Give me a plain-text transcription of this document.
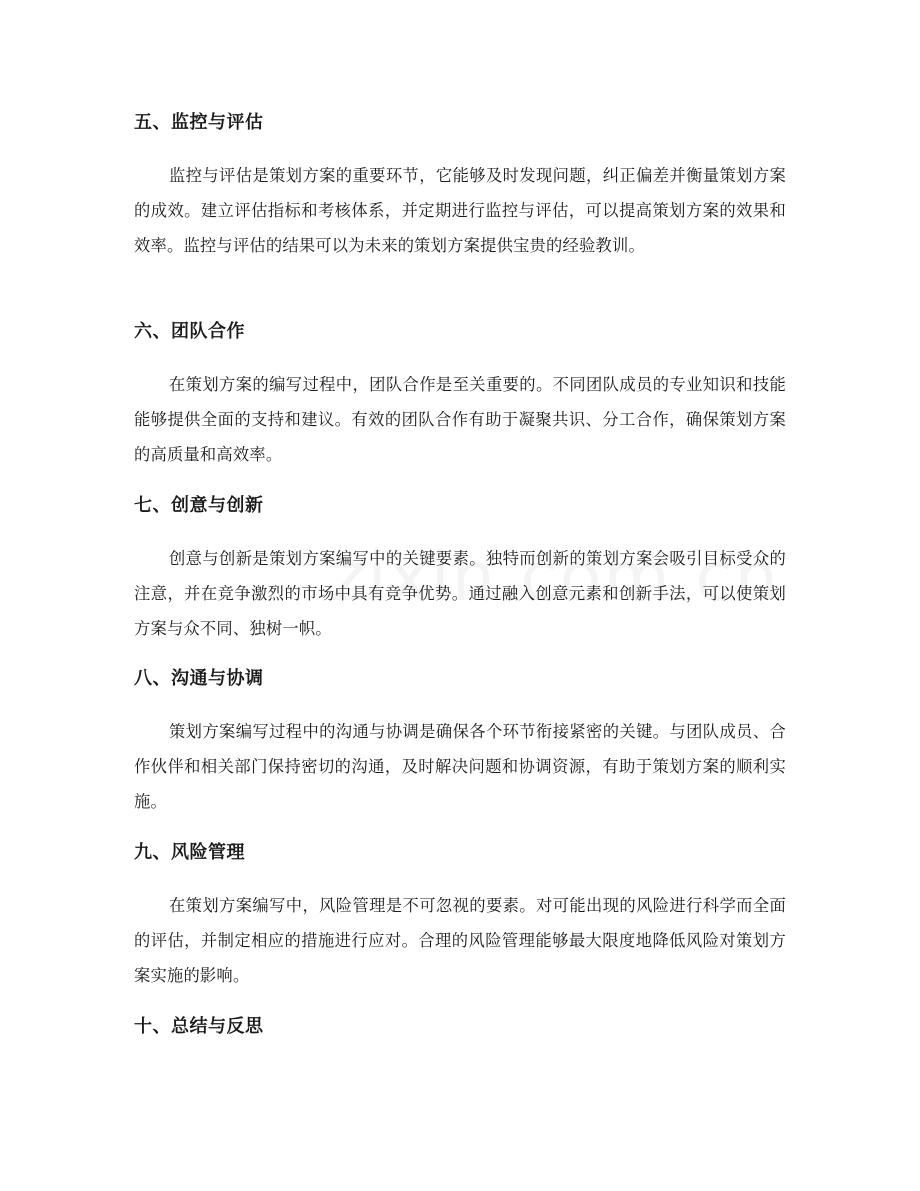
五、监控与评估

监控与评估是策划方案的重要环节，它能够及时发现问题，纠正偏差并衡量策划方案的成效。建立评估指标和考核体系，并定期进行监控与评估，可以提高策划方案的效果和效率。监控与评估的结果可以为未来的策划方案提供宝贵的经验教训。

六、团队合作

在策划方案的编写过程中，团队合作是至关重要的。不同团队成员的专业知识和技能能够提供全面的支持和建议。有效的团队合作有助于凝聚共识、分工合作，确保策划方案的高质量和高效率。

七、创意与创新

创意与创新是策划方案编写中的关键要素。独特而创新的策划方案会吸引目标受众的注意，并在竞争激烈的市场中具有竞争优势。通过融入创意元素和创新手法，可以使策划方案与众不同、独树一帜。

八、沟通与协调

策划方案编写过程中的沟通与协调是确保各个环节衔接紧密的关键。与团队成员、合作伙伴和相关部门保持密切的沟通，及时解决问题和协调资源，有助于策划方案的顺利实施。

九、风险管理

在策划方案编写中，风险管理是不可忽视的要素。对可能出现的风险进行科学而全面的评估，并制定相应的措施进行应对。合理的风险管理能够最大限度地降低风险对策划方案实施的影响。

十、总结与反思
